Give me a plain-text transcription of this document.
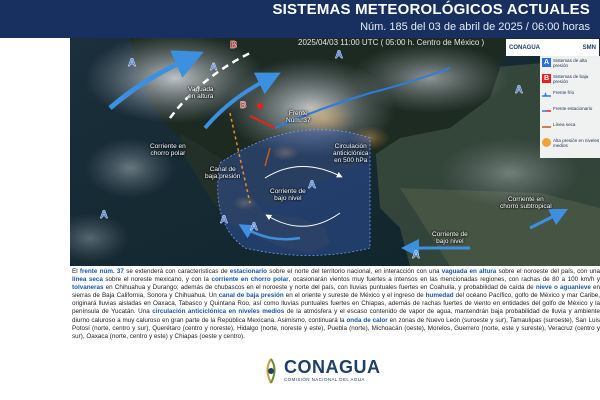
SISTEMAS METEOROLÓGICOS ACTUALES
Núm. 185 del 03 de abril de 2025 / 06:00 horas
A	A
A
A
A
A
A
A
A
B
B
2025/04/03 11:00 UTC ( 05:00 h. Centro de México )
CONAGUA	SMN
A Sistemas de alta presión
B Sistemas de baja presión
Frente frío
Frente estacionario
Línea seca
Alta presión en niveles medios
Vaguada
en altura
Frente
Núm. 37
Corriente en
chorro polar
Canal de
baja presión
Circulación
anticiclónica
en 500 hPa
Corriente de
bajo nivel	Corriente en
chorro subtropical
Corriente de
bajo nivel
El frente núm. 37 se extenderá con características de estacionario sobre el norte del territorio nacional, en interacción con una vaguada en altura sobre el noroeste del país, con una línea seca sobre el noreste mexicano, y con la corriente en chorro polar, ocasionarán vientos muy fuertes a intensos en las mencionadas regiones, con rachas de 80 a 100 km/h y tolvaneras en Chihuahua y Durango; además de chubascos en el noroeste y norte del país, con lluvias puntuales fuertes en Coahuila, y probabilidad de caída de nieve o aguanieve en sierras de Baja California, Sonora y Chihuahua. Un canal de baja presión en el oriente y sureste de México y el ingreso de humedad del océano Pacífico, golfo de México y mar Caribe, originará lluvias aisladas en Oaxaca, Tabasco y Quintana Roo, así como lluvias puntuales fuertes en Chiapas, además de rachas fuertes de viento en entidades del golfo de México y la península de Yucatán. Una circulación anticiclónica en niveles medios de la atmósfera y el escaso contenido de vapor de agua, mantendrán baja probabilidad de lluvia y ambiente diurno caluroso a muy caluroso en gran parte de la República Mexicana. Asimismo, continuará la onda de calor en zonas de Nuevo León (suroeste y sur), Tamaulipas (suroeste), San Luis Potosí (norte, centro y sur), Querétaro (centro y noreste), Hidalgo (norte, noreste y este), Puebla (norte), Michoacán (oeste), Morelos, Guerrero (norte, este y sureste), Veracruz (centro y sur), Oaxaca (norte, centro y este) y Chiapas (oeste y centro).
CONAGUA
COMISIÓN NACIONAL DEL AGUA
